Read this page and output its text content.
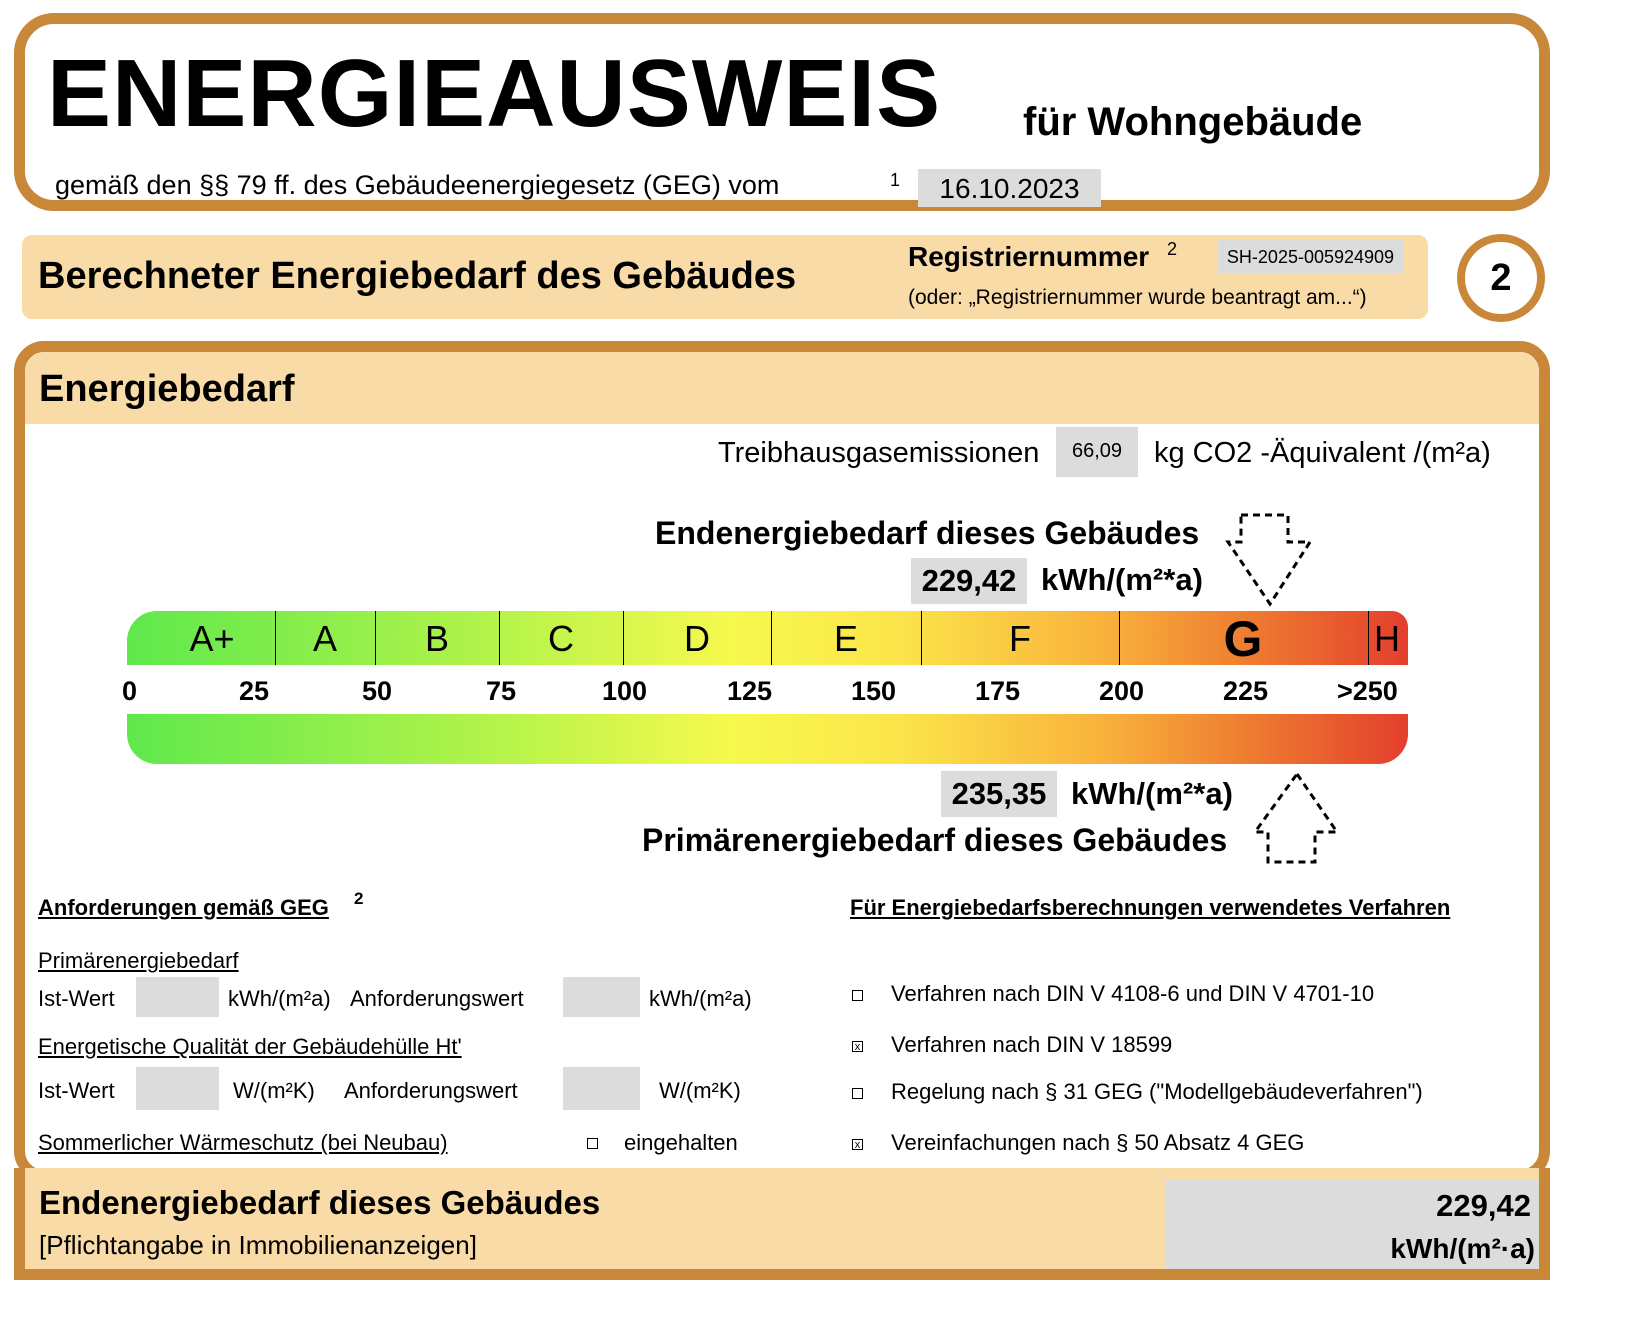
ENERGIEAUSWEIS für Wohngebäude
gemäß den §§ 79 ff. des Gebäudeenergiegesetz (GEG) vom	1	16.10.2023
Berechneter Energiebedarf des Gebäudes	Registriernummer 2	SH-2025-005924909
(oder: „Registriernummer wurde beantragt am...“)	2
Energiebedarf
Treibhausgasemissionen	66,09	kg CO2 -Äquivalent /(m²a)
Endenergiebedarf dieses Gebäudes
229,42 kWh/(m²*a)
A+	A	B	C	D	E	F	G	H
0	25	50	75	100	125	150	175	200	225	>250
235,35 kWh/(m²*a)
Primärenergiebedarf dieses Gebäudes
Anforderungen gemäß GEG 2
Primärenergiebedarf
Ist-Wert	kWh/(m²a) Anforderungswert	kWh/(m²a)
Energetische Qualität der Gebäudehülle Ht'
Ist-Wert	W/(m²K) Anforderungswert	W/(m²K)
Sommerlicher Wärmeschutz (bei Neubau)	eingehalten
Für Energiebedarfsberechnungen verwendetes Verfahren
Verfahren nach DIN V 4108-6 und DIN V 4701-10
x Verfahren nach DIN V 18599
Regelung nach § 31 GEG ("Modellgebäudeverfahren")
x Vereinfachungen nach § 50 Absatz 4 GEG
Endenergiebedarf dieses Gebäudes
[Pflichtangabe in Immobilienanzeigen]
229,42
kWh/(m²·a)
